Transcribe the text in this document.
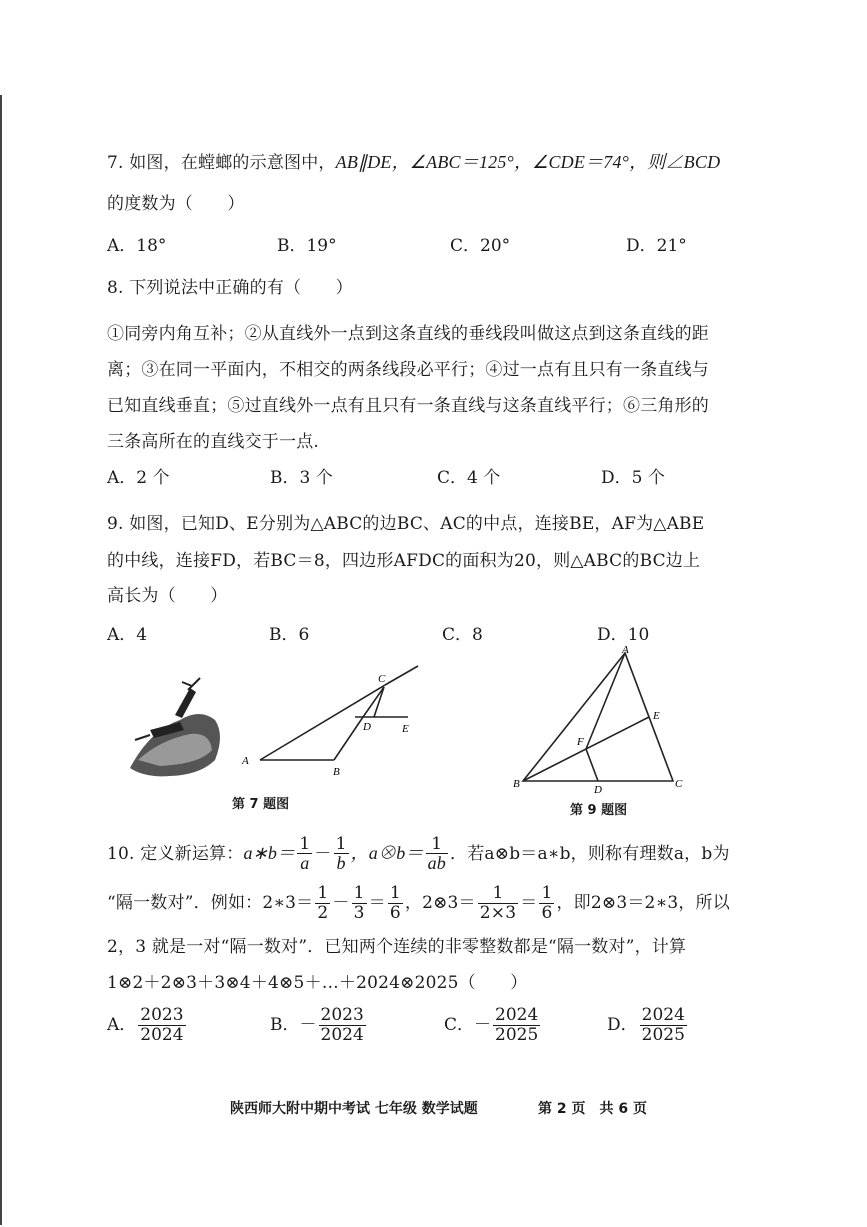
7. 如图，在螳螂的示意图中，AB∥DE，∠ABC＝125°，∠CDE＝74°，则∠BCD
的度数为（　　）
A．18°	B．19°	C．20°	D．21°
8. 下列说法中正确的有（　　）
①同旁内角互补；②从直线外一点到这条直线的垂线段叫做这点到这条直线的距
离；③在同一平面内，不相交的两条线段必平行；④过一点有且只有一条直线与
已知直线垂直；⑤过直线外一点有且只有一条直线与这条直线平行；⑥三角形的
三条高所在的直线交于一点.
A．2 个	B．3 个	C．4 个	D．5 个
9. 如图，已知D、E分别为△ABC的边BC、AC的中点，连接BE，AF为△ABE
的中线，连接FD，若BC＝8，四边形AFDC的面积为20，则△ABC的BC边上
高长为（　　）
A．4	B．6	C．8	D．10
A
B
C
D	E
第 7 题图
A
B	C
D
E
F
第 9 题图
10. 定义新运算：a∗b＝ $\frac{1}{a} - \frac{1}{b}$ ，a⊗b＝ $\frac{1}{ab}$ ．若a⊗b＝a∗b，则称有理数a，b为
“隔一数对”．例如：2∗3＝ $\frac{1}{2} - \frac{1}{3} = \frac{1}{6}$ ，2⊗3＝ $\frac{1}{2\times 3} = \frac{1}{6}$ ，即2⊗3＝2∗3，所以
2，3 就是一对“隔一数对”．已知两个连续的非零整数都是“隔一数对”，计算
1⊗2＋2⊗3＋3⊗4＋4⊗5＋…＋2024⊗2025（　　）
A． $\frac{2023}{2024}$	B．－ $\frac{2023}{2024}$	C．－ $\frac{2024}{2025}$	D． $\frac{2024}{2025}$
陕西师大附中期中考试 七年级 数学试题	第 2 页　共 6 页
